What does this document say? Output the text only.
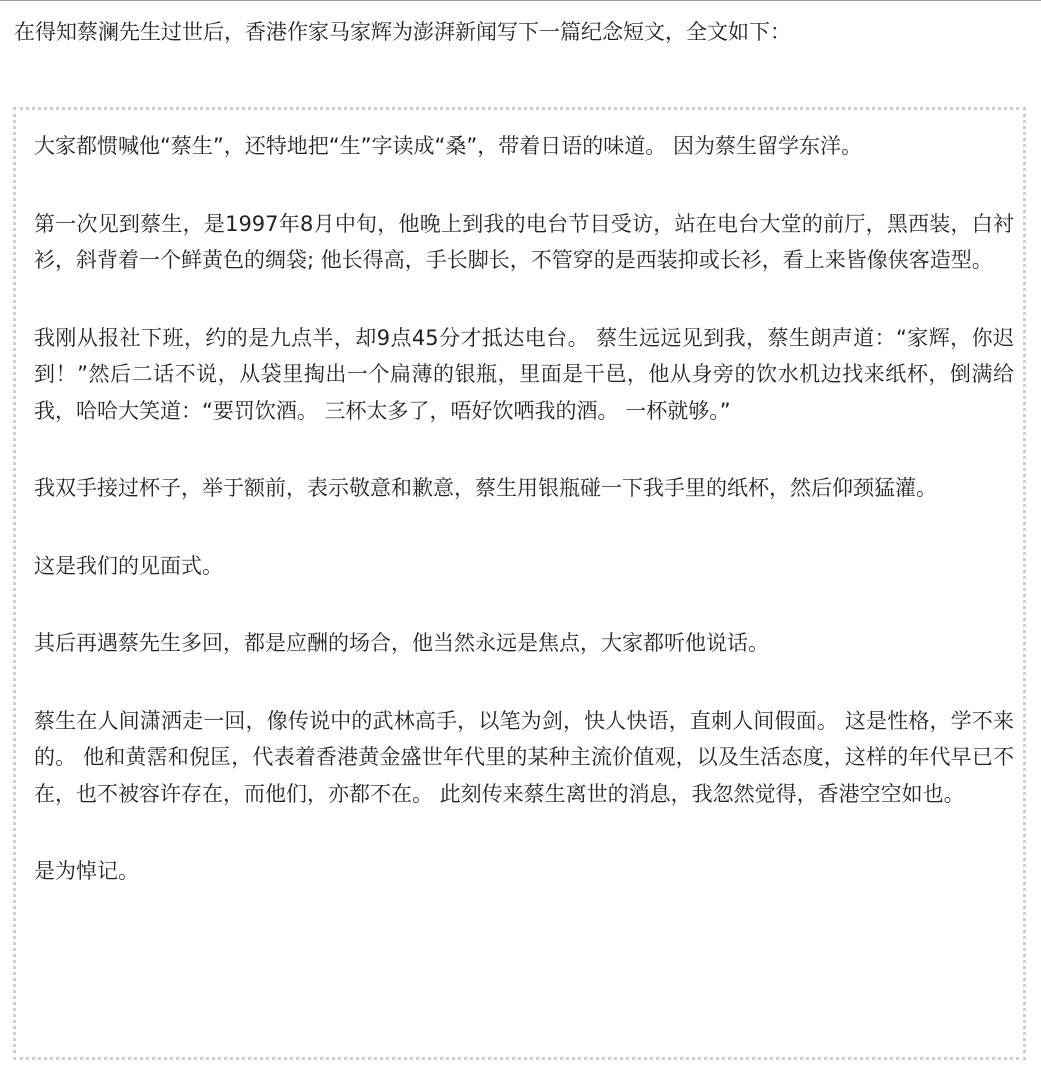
在得知蔡澜先生过世后，香港作家马家辉为澎湃新闻写下一篇纪念短文，全文如下：

大家都惯喊他“蔡生”，还特地把“生”字读成“桑”，带着日语的味道。 因为蔡生留学东洋。

第一次见到蔡生，是1997年8月中旬，他晚上到我的电台节目受访，站在电台大堂的前厅，黑西装，白衬衫，斜背着一个鲜黄色的绸袋; 他长得高，手长脚长，不管穿的是西装抑或长衫，看上来皆像侠客造型。

我刚从报社下班，约的是九点半，却9点45分才抵达电台。 蔡生远远见到我，蔡生朗声道：“家辉，你迟到！”然后二话不说，从袋里掏出一个扁薄的银瓶，里面是干邑，他从身旁的饮水机边找来纸杯，倒满给我，哈哈大笑道：“要罚饮酒。 三杯太多了，唔好饮哂我的酒。 一杯就够。”

我双手接过杯子，举于额前，表示敬意和歉意，蔡生用银瓶碰一下我手里的纸杯，然后仰颈猛灌。

这是我们的见面式。

其后再遇蔡先生多回，都是应酬的场合，他当然永远是焦点，大家都听他说话。

蔡生在人间潇洒走一回，像传说中的武林高手，以笔为剑，快人快语，直刺人间假面。 这是性格，学不来的。 他和黄霑和倪匡，代表着香港黄金盛世年代里的某种主流价值观，以及生活态度，这样的年代早已不在，也不被容许存在，而他们，亦都不在。 此刻传来蔡生离世的消息，我忽然觉得，香港空空如也。

是为悼记。
